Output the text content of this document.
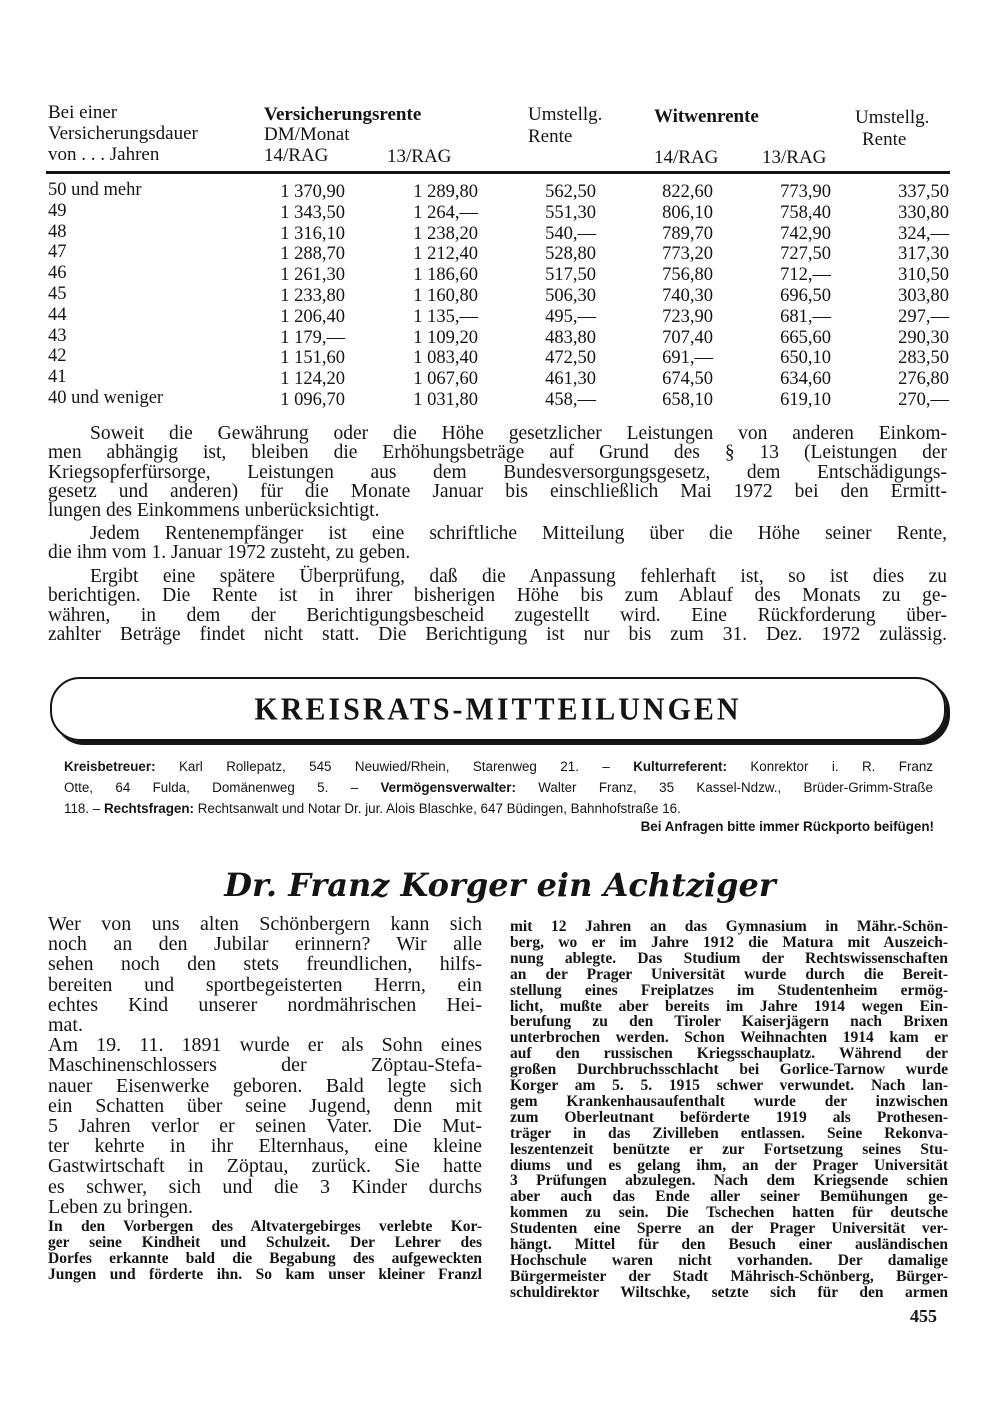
Bei einer
Versicherungsdauer
von . . . Jahren
Versicherungsrente
DM/Monat
14/RAG	13/RAG
Umstellg.
Rente
Witwenrente
14/RAG 13/RAG
Umstellg.
Rente
50 und mehr	1 370,90	1 289,80	562,50	822,60	773,90	337,50
49	1 343,50	1 264,—	551,30	806,10	758,40	330,80
48	1 316,10	1 238,20	540,—	789,70	742,90	324,—
47	1 288,70	1 212,40	528,80	773,20	727,50	317,30
46	1 261,30	1 186,60	517,50	756,80	712,—	310,50
45	1 233,80	1 160,80	506,30	740,30	696,50	303,80
44	1 206,40	1 135,—	495,—	723,90	681,—	297,—
43	1 179,—	1 109,20	483,80	707,40	665,60	290,30
42	1 151,60	1 083,40	472,50	691,—	650,10	283,50
41	1 124,20	1 067,60	461,30	674,50	634,60	276,80
40 und weniger	1 096,70	1 031,80	458,—	658,10	619,10	270,—
Soweit die Gewährung oder die Höhe gesetzlicher Leistungen von anderen Einkom-
men abhängig ist, bleiben die Erhöhungsbeträge auf Grund des § 13 (Leistungen der
Kriegsopferfürsorge, Leistungen aus dem Bundesversorgungsgesetz, dem Entschädigungs-
gesetz und anderen) für die Monate Januar bis einschließlich Mai 1972 bei den Ermitt-
lungen des Einkommens unberücksichtigt.
Jedem Rentenempfänger ist eine schriftliche Mitteilung über die Höhe seiner Rente,
die ihm vom 1. Januar 1972 zusteht, zu geben.
Ergibt eine spätere Überprüfung, daß die Anpassung fehlerhaft ist, so ist dies zu
berichtigen. Die Rente ist in ihrer bisherigen Höhe bis zum Ablauf des Monats zu ge-
währen, in dem der Berichtigungsbescheid zugestellt wird. Eine Rückforderung über-
zahlter Beträge findet nicht statt. Die Berichtigung ist nur bis zum 31. Dez. 1972 zulässig.
KREISRATS-MITTEILUNGEN
Kreisbetreuer: Karl Rollepatz, 545 Neuwied/Rhein, Starenweg 21. – Kulturreferent: Konrektor i. R. Franz
Otte, 64 Fulda, Domänenweg 5. – Vermögensverwalter: Walter Franz, 35 Kassel-Ndzw., Brüder-Grimm-Straße
118. – Rechtsfragen: Rechtsanwalt und Notar Dr. jur. Alois Blaschke, 647 Büdingen, Bahnhofstraße 16.
Bei Anfragen bitte immer Rückporto beifügen!
Dr. Franz Korger ein Achtziger
Wer von uns alten Schönbergern kann sich
noch an den Jubilar erinnern? Wir alle
sehen noch den stets freundlichen, hilfs-
bereiten und sportbegeisterten Herrn, ein
echtes Kind unserer nordmährischen Hei-
mat.
Am 19. 11. 1891 wurde er als Sohn eines
Maschinenschlossers der Zöptau-Stefa-
nauer Eisenwerke geboren. Bald legte sich
ein Schatten über seine Jugend, denn mit
5 Jahren verlor er seinen Vater. Die Mut-
ter kehrte in ihr Elternhaus, eine kleine
Gastwirtschaft in Zöptau, zurück. Sie hatte
es schwer, sich und die 3 Kinder durchs
Leben zu bringen.
In den Vorbergen des Altvatergebirges verlebte Kor-
ger seine Kindheit und Schulzeit. Der Lehrer des
Dorfes erkannte bald die Begabung des aufgeweckten
Jungen und förderte ihn. So kam unser kleiner Franzl
mit 12 Jahren an das Gymnasium in Mähr.-Schön-
berg, wo er im Jahre 1912 die Matura mit Auszeich-
nung ablegte. Das Studium der Rechtswissenschaften
an der Prager Universität wurde durch die Bereit-
stellung eines Freiplatzes im Studentenheim ermög-
licht, mußte aber bereits im Jahre 1914 wegen Ein-
berufung zu den Tiroler Kaiserjägern nach Brixen
unterbrochen werden. Schon Weihnachten 1914 kam er
auf den russischen Kriegsschauplatz. Während der
großen Durchbruchsschlacht bei Gorlice-Tarnow wurde
Korger am 5. 5. 1915 schwer verwundet. Nach lan-
gem Krankenhausaufenthalt wurde der inzwischen
zum Oberleutnant beförderte 1919 als Prothesen-
träger in das Zivilleben entlassen. Seine Rekonva-
leszentenzeit benützte er zur Fortsetzung seines Stu-
diums und es gelang ihm, an der Prager Universität
3 Prüfungen abzulegen. Nach dem Kriegsende schien
aber auch das Ende aller seiner Bemühungen ge-
kommen zu sein. Die Tschechen hatten für deutsche
Studenten eine Sperre an der Prager Universität ver-
hängt. Mittel für den Besuch einer ausländischen
Hochschule waren nicht vorhanden. Der damalige
Bürgermeister der Stadt Mährisch-Schönberg, Bürger-
schuldirektor Wiltschke, setzte sich für den armen
455
